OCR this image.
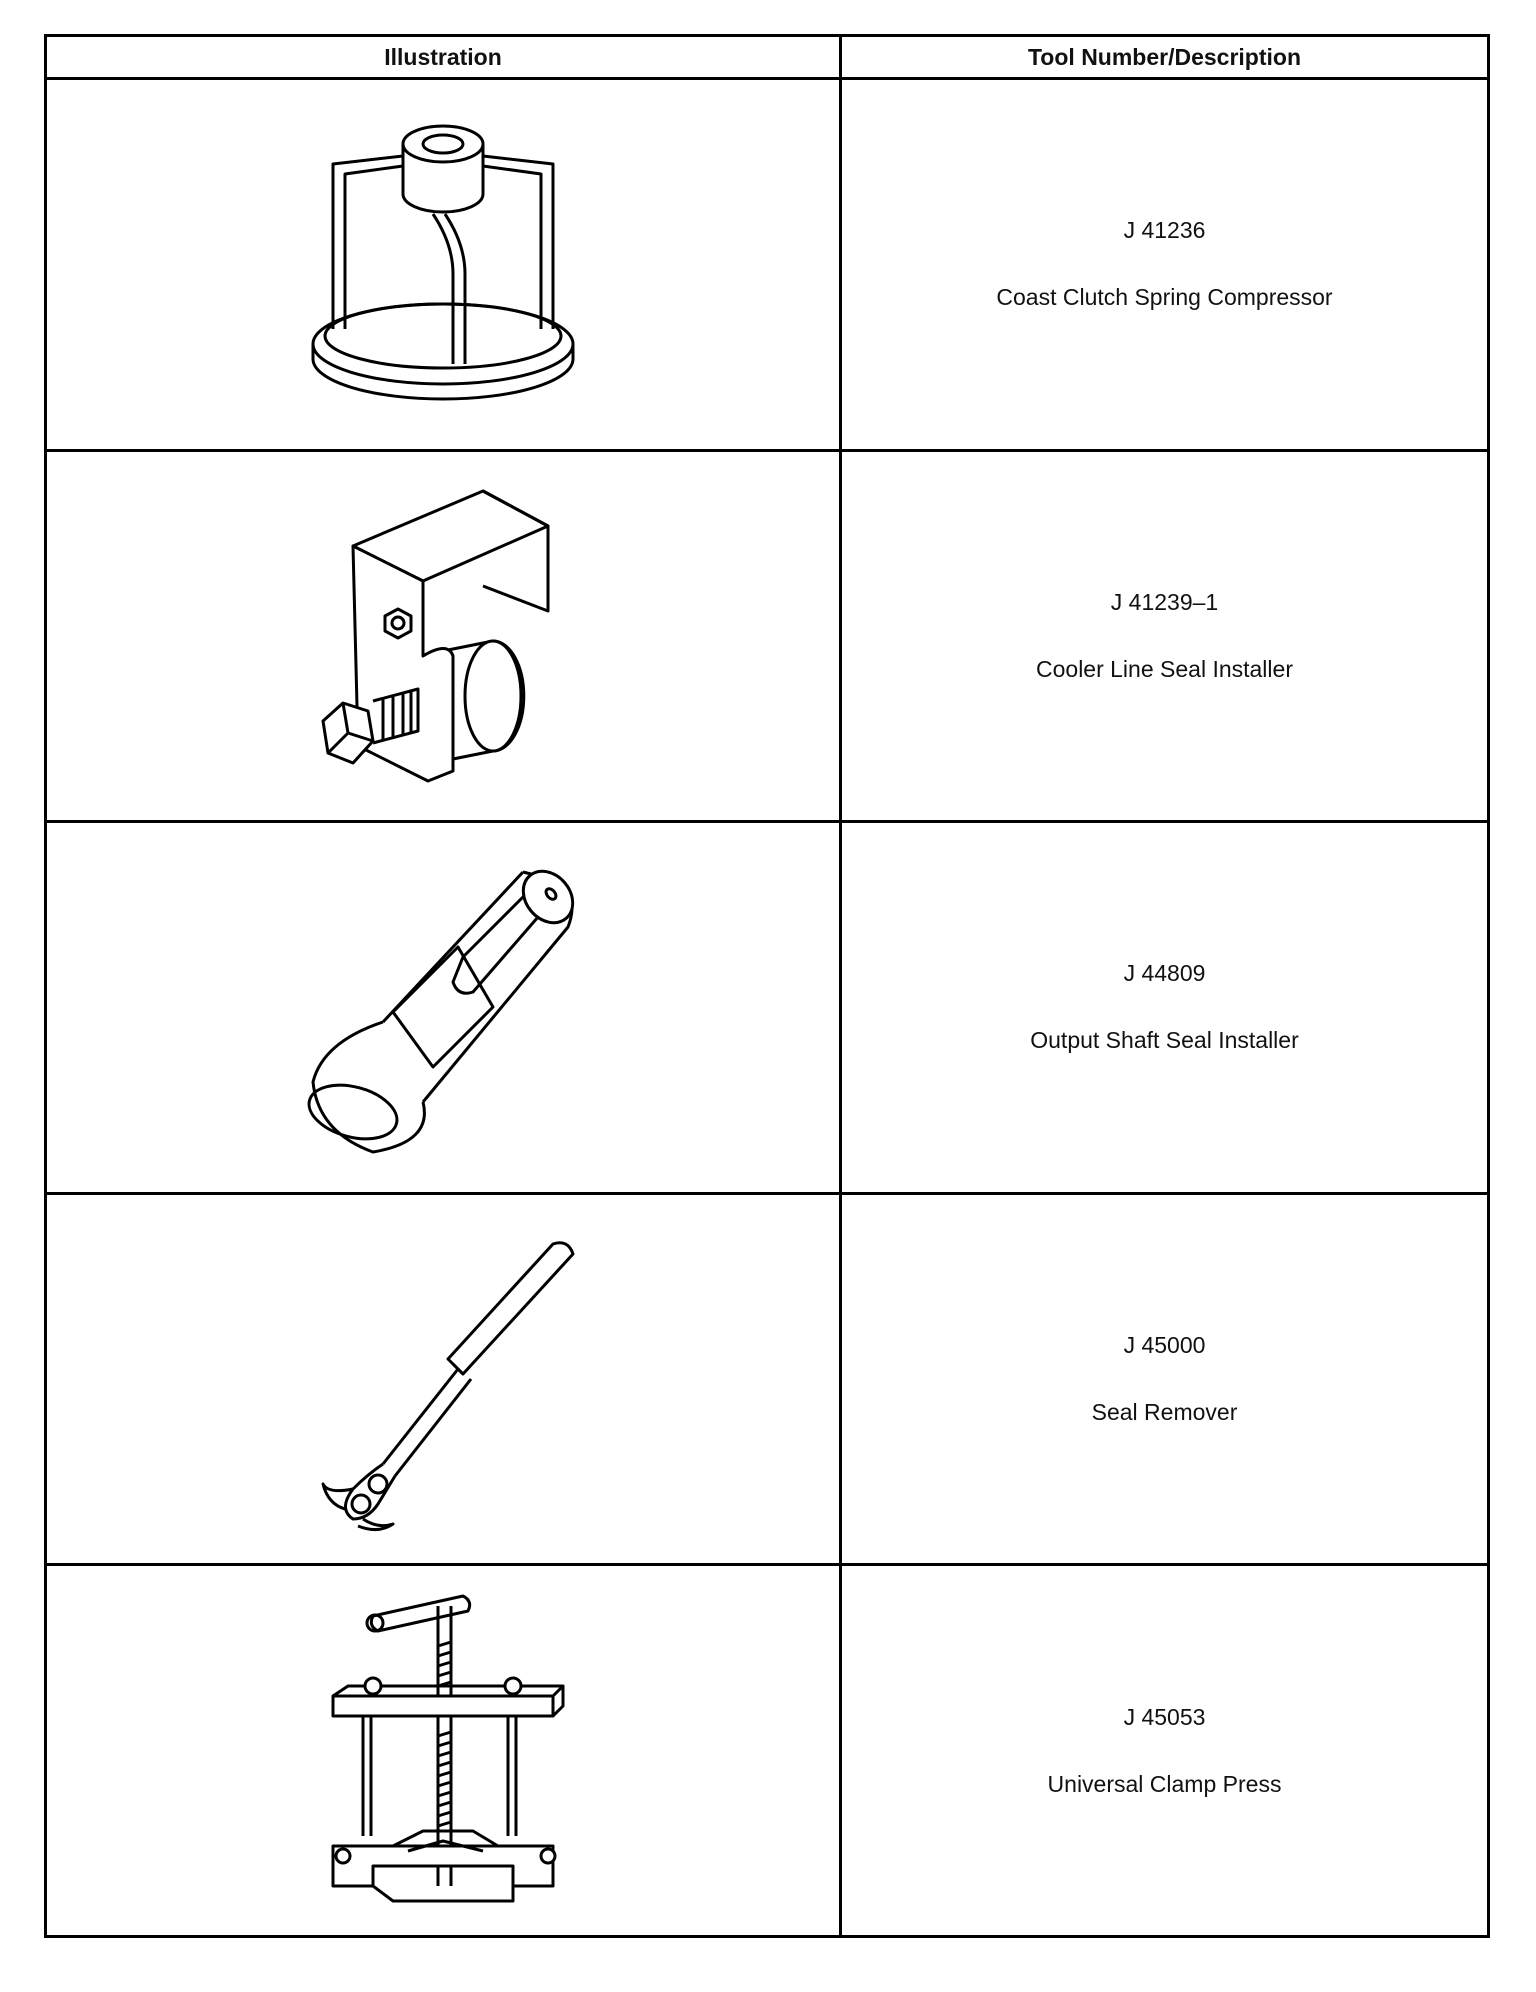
Illustration	Tool Number/Description
J 41236
Coast Clutch Spring Compressor
J 41239–1
Cooler Line Seal Installer
J 44809
Output Shaft Seal Installer
J 45000
Seal Remover
J 45053
Universal Clamp Press
